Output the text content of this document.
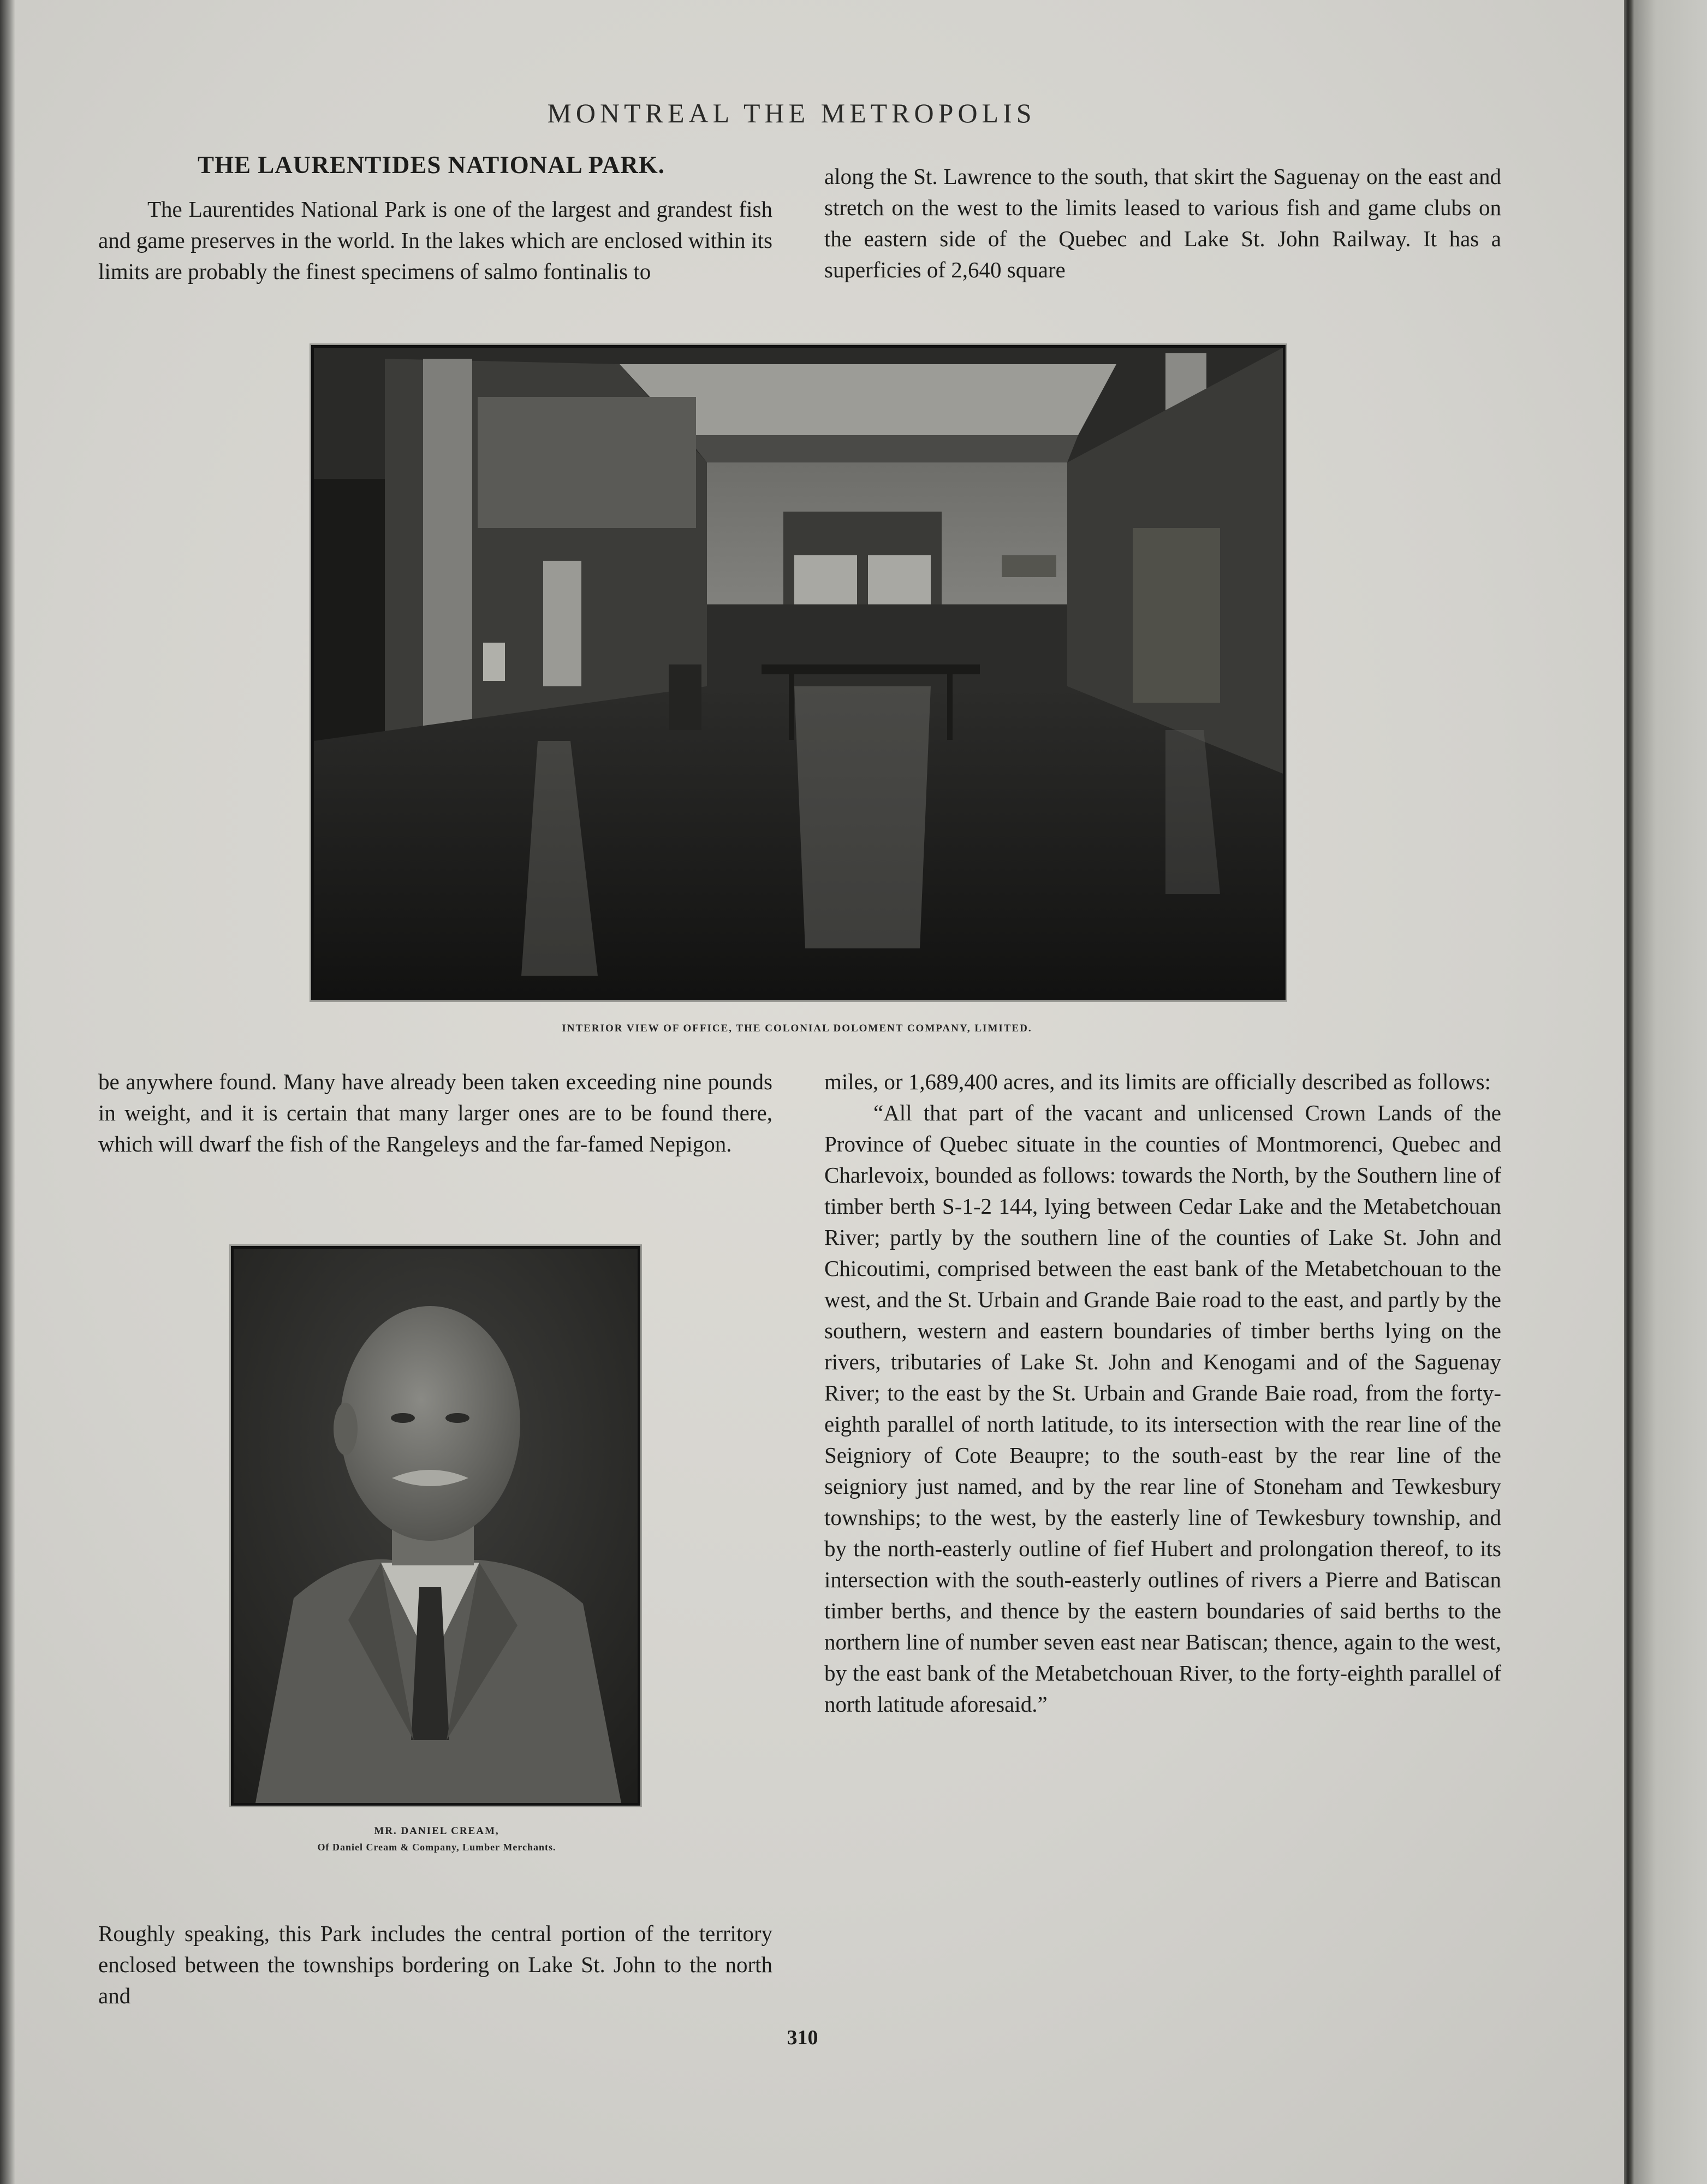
MONTREAL THE METROPOLIS
THE LAURENTIDES NATIONAL PARK.

The Laurentides National Park is one of the largest and grandest fish and game preserves in the world. In the lakes which are enclosed within its limits are probably the finest specimens of salmo fontinalis to

along the St. Lawrence to the south, that skirt the Saguenay on the east and stretch on the west to the limits leased to various fish and game clubs on the eastern side of the Quebec and Lake St. John Railway. It has a superficies of 2,640 square

INTERIOR VIEW OF OFFICE, THE COLONIAL DOLOMENT COMPANY, LIMITED.

be anywhere found. Many have already been taken exceeding nine pounds in weight, and it is certain that many larger ones are to be found there, which will dwarf the fish of the Rangeleys and the far-famed Nepigon.

MR. DANIEL CREAM,
Of Daniel Cream & Company, Lumber Merchants.

Roughly speaking, this Park includes the central portion of the territory enclosed between the townships bordering on Lake St. John to the north and

miles, or 1,689,400 acres, and its limits are officially described as follows:

“All that part of the vacant and unlicensed Crown Lands of the Province of Quebec situate in the counties of Montmorenci, Quebec and Charlevoix, bounded as follows: towards the North, by the Southern line of timber berth S-1-2 144, lying between Cedar Lake and the Metabetchouan River; partly by the southern line of the counties of Lake St. John and Chicoutimi, comprised between the east bank of the Metabetchouan to the west, and the St. Urbain and Grande Baie road to the east, and partly by the southern, western and eastern boundaries of timber berths lying on the rivers, tributaries of Lake St. John and Kenogami and of the Saguenay River; to the east by the St. Urbain and Grande Baie road, from the forty-eighth parallel of north latitude, to its intersection with the rear line of the Seigniory of Cote Beaupre; to the south-east by the rear line of the seigniory just named, and by the rear line of Stoneham and Tewkesbury townships; to the west, by the easterly line of Tewkesbury township, and by the north-easterly outline of fief Hubert and prolongation thereof, to its intersection with the south-easterly outlines of rivers a Pierre and Batiscan timber berths, and thence by the eastern boundaries of said berths to the northern line of number seven east near Batiscan; thence, again to the west, by the east bank of the Metabetchouan River, to the forty-eighth parallel of north latitude aforesaid.”

310
